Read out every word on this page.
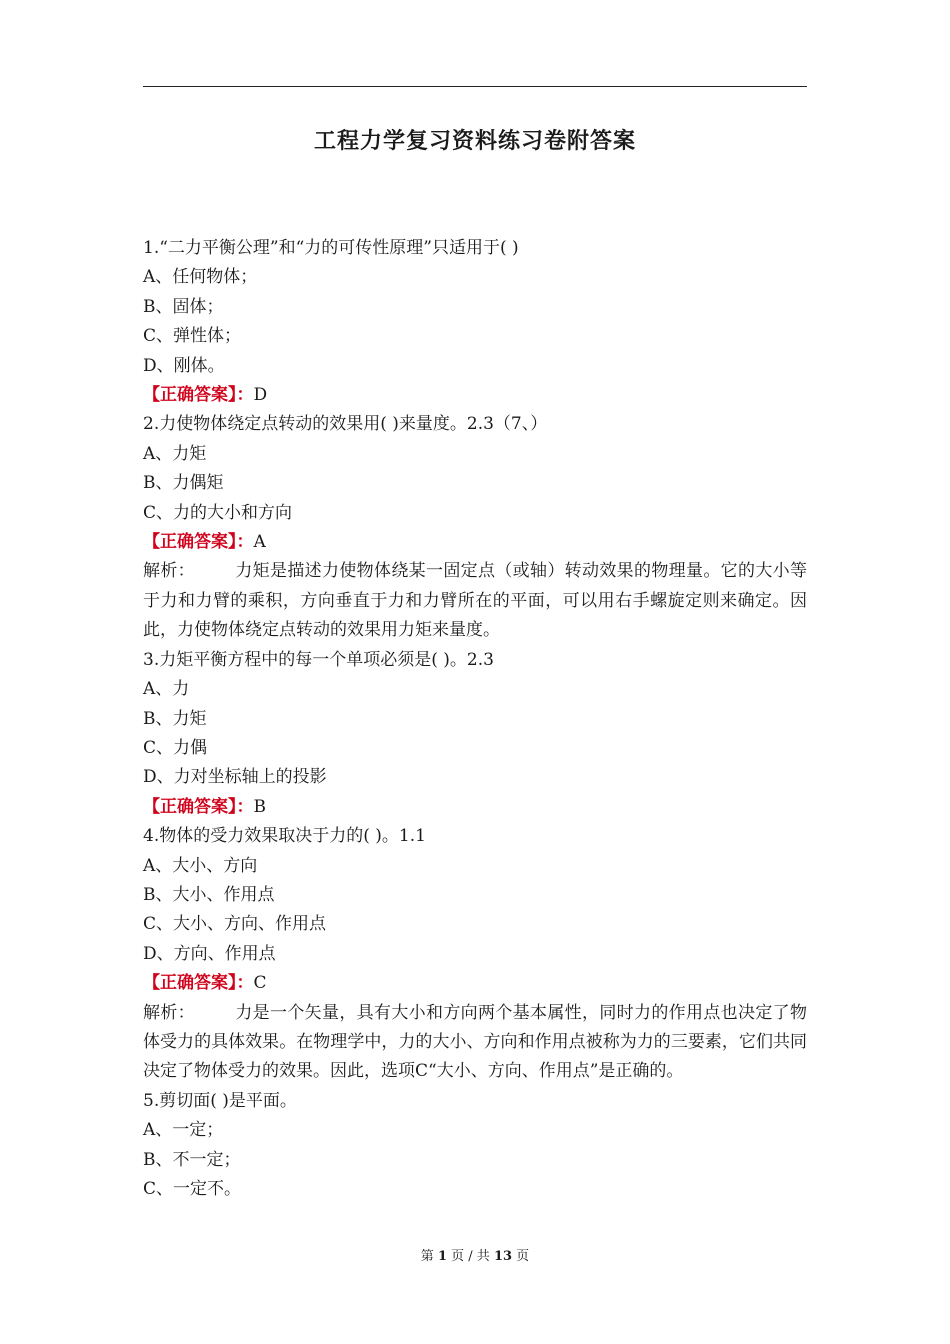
工程力学复习资料练习卷附答案
1.“二力平衡公理”和“力的可传性原理”只适用于( )
A、任何物体；
B、固体；
C、弹性体；
D、刚体。
【正确答案】：D
2.力使物体绕定点转动的效果用( )来量度。2.3（7、）
A、力矩
B、力偶矩
C、力的大小和方向
【正确答案】：A
解析： 力矩是描述力使物体绕某一固定点（或轴）转动效果的物理量。它的大小等于力和力臂的乘积，方向垂直于力和力臂所在的平面，可以用右手螺旋定则来确定。因此，力使物体绕定点转动的效果用力矩来量度。
3.力矩平衡方程中的每一个单项必须是( )。2.3
A、力
B、力矩
C、力偶
D、力对坐标轴上的投影
【正确答案】：B
4.物体的受力效果取决于力的( )。1.1
A、大小、方向
B、大小、作用点
C、大小、方向、作用点
D、方向、作用点
【正确答案】：C
解析： 力是一个矢量，具有大小和方向两个基本属性，同时力的作用点也决定了物体受力的具体效果。在物理学中，力的大小、方向和作用点被称为力的三要素，它们共同决定了物体受力的效果。因此，选项C“大小、方向、作用点”是正确的。
5.剪切面( )是平面。
A、一定；
B、不一定；
C、一定不。
第 1 页 / 共 13 页
